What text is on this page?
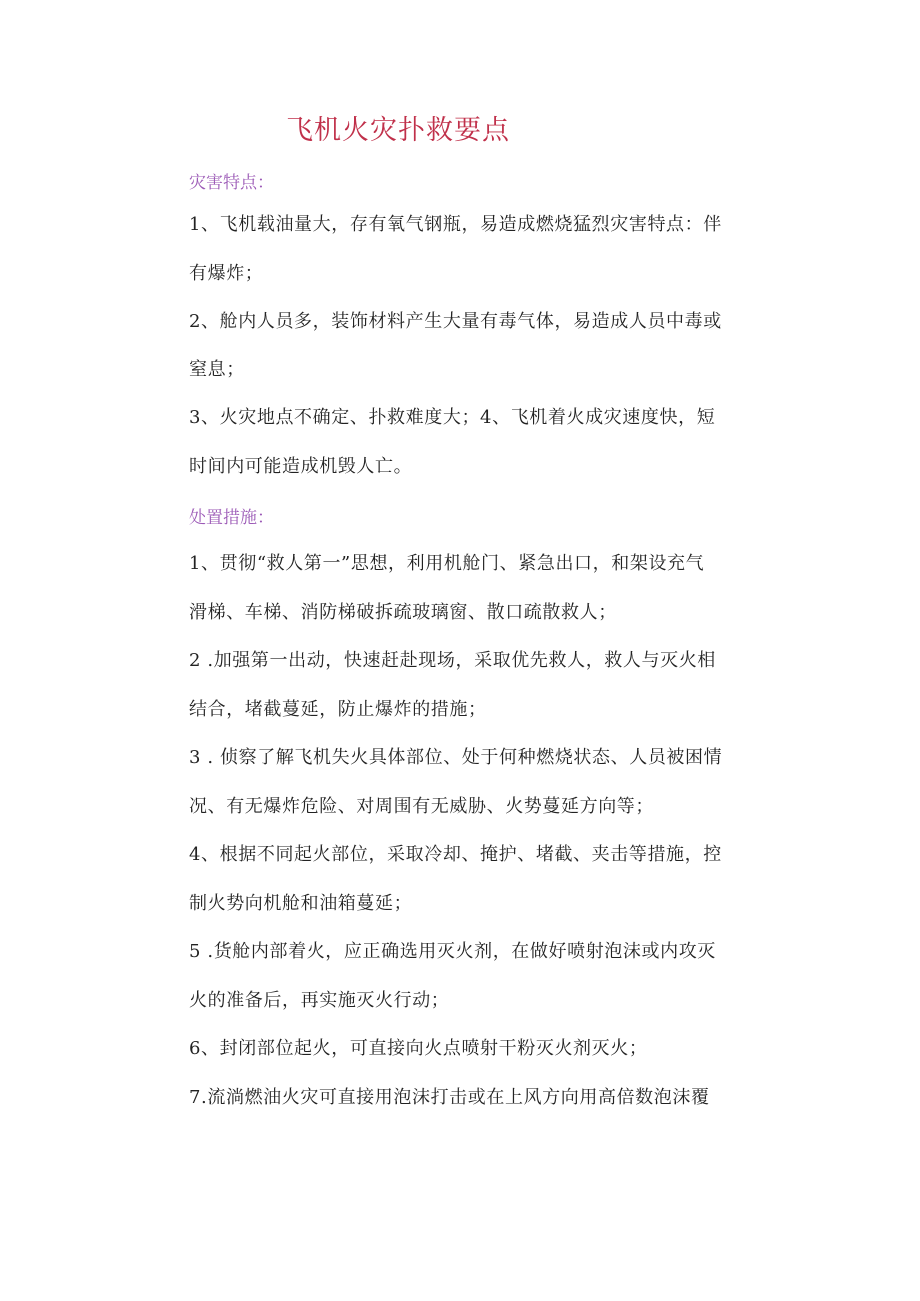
飞机火灾扑救要点
灾害特点：
1、飞机载油量大，存有氧气钢瓶，易造成燃烧猛烈灾害特点：伴
有爆炸；
2、舱内人员多，装饰材料产生大量有毒气体，易造成人员中毒或
窒息；
3、火灾地点不确定、扑救难度大；4、飞机着火成灾速度快，短
时间内可能造成机毁人亡。
处置措施：
1、贯彻“救人第一”思想，利用机舱门、紧急出口，和架设充气
滑梯、车梯、消防梯破拆疏玻璃窗、散口疏散救人；
2 .加强第一出动，快速赶赴现场，采取优先救人，救人与灭火相
结合，堵截蔓延，防止爆炸的措施；
3 . 侦察了解飞机失火具体部位、处于何种燃烧状态、人员被困情
况、有无爆炸危险、对周围有无威胁、火势蔓延方向等；
4、根据不同起火部位，采取冷却、掩护、堵截、夹击等措施，控
制火势向机舱和油箱蔓延；
5 .货舱内部着火，应正确选用灭火剂，在做好喷射泡沫或内攻灭
火的准备后，再实施灭火行动；
6、封闭部位起火，可直接向火点喷射干粉灭火剂灭火；
7.流淌燃油火灾可直接用泡沫打击或在上风方向用高倍数泡沫覆
